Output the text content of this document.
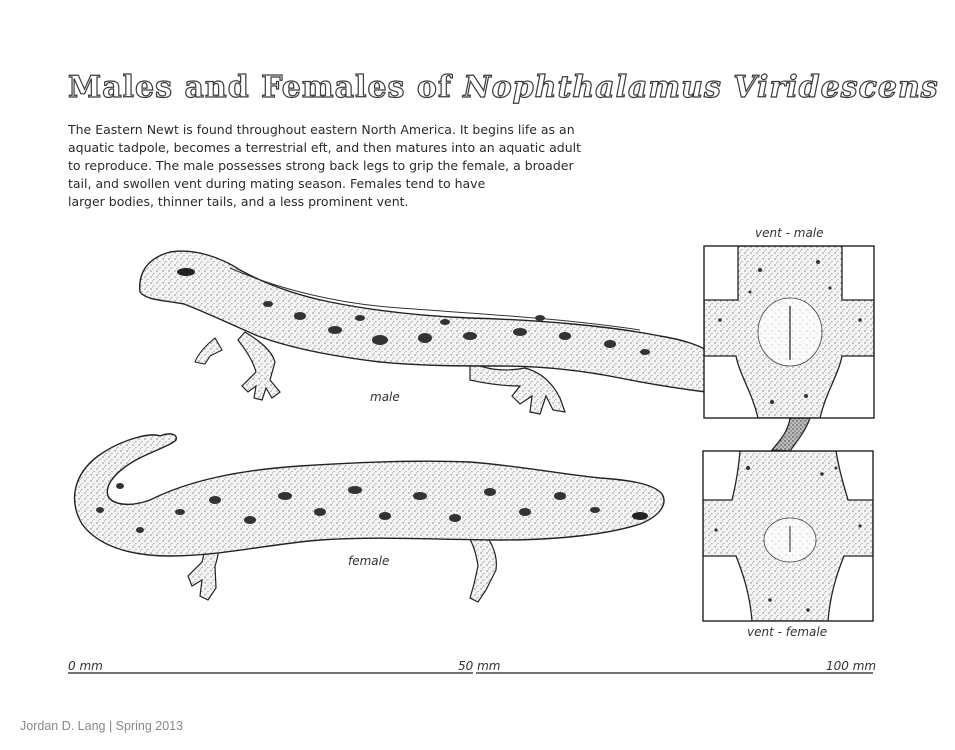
Males and Females of Nophthalamus Viridescens
The Eastern Newt is found throughout eastern North America. It begins life as an
aquatic tadpole, becomes a terrestrial eft, and then matures into an aquatic adult
to reproduce. The male possesses strong back legs to grip the female, a broader
tail, and swollen vent during mating season. Females tend to have
larger bodies, thinner tails, and a less prominent vent.
vent - male
vent - female
male
female
0 mm	50 mm	100 mm
Jordan D. Lang | Spring 2013
